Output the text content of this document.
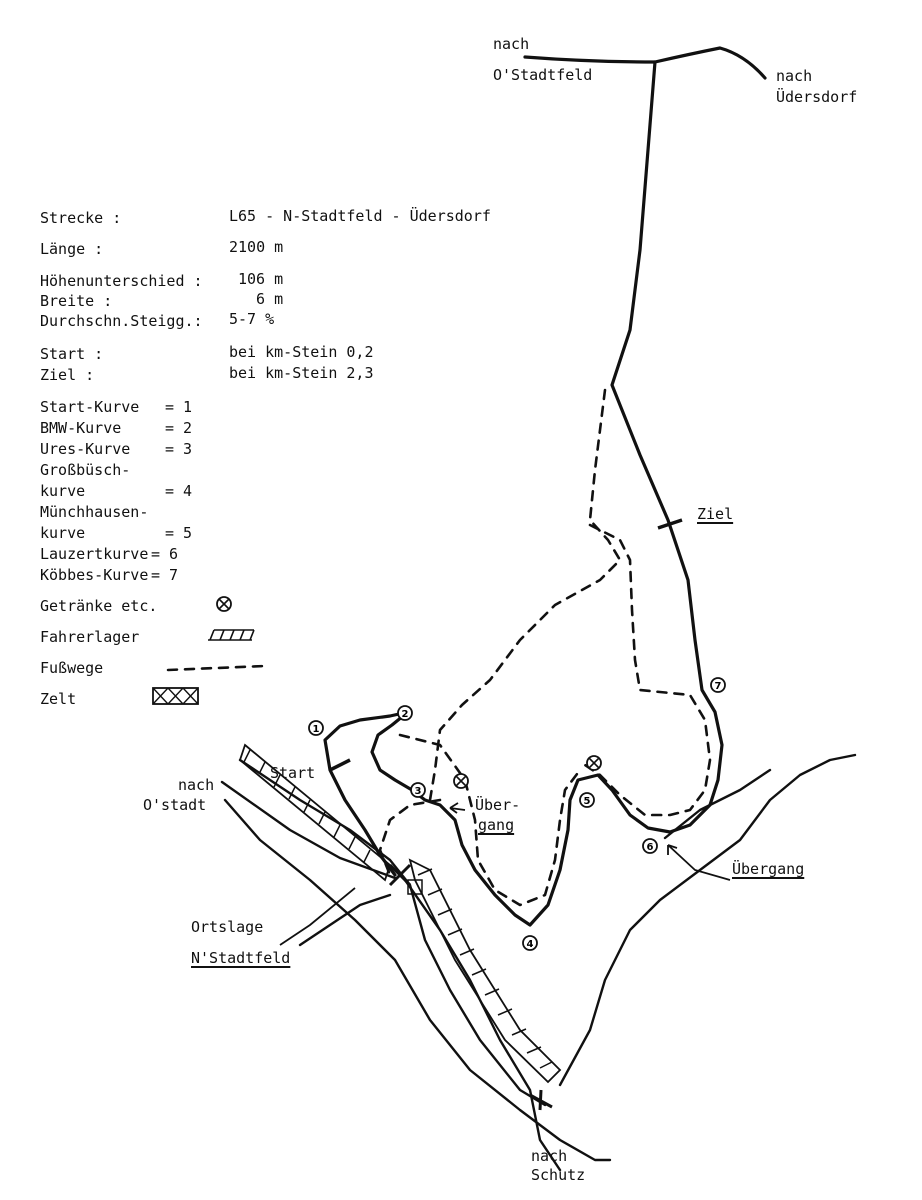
1
2
3
4
5
6
7
Strecke :	L65 - N-Stadtfeld - Üdersdorf
Länge :	2100 m
Höhenunterschied : 106 m
Breite :	6 m
Durchschn.Steigg.: 5-7 %
Start :	bei km-Stein 0,2
Ziel :	bei km-Stein 2,3
Start-Kurve = 1
BMW-Kurve	= 2
Ures-Kurve = 3
Großbüsch-
kurve	= 4
Münchhausen-
kurve	= 5
Lauzertkurve = 6
Köbbes-Kurve = 7
Getränke etc.
Fahrerlager
Fußwege
Zelt
nach
O'Stadtfeld	nach
Üdersdorf
Ziel
Start
nach
O'stadt	Über-
gang
Übergang
Ortslage
N'Stadtfeld
nach
Schutz
